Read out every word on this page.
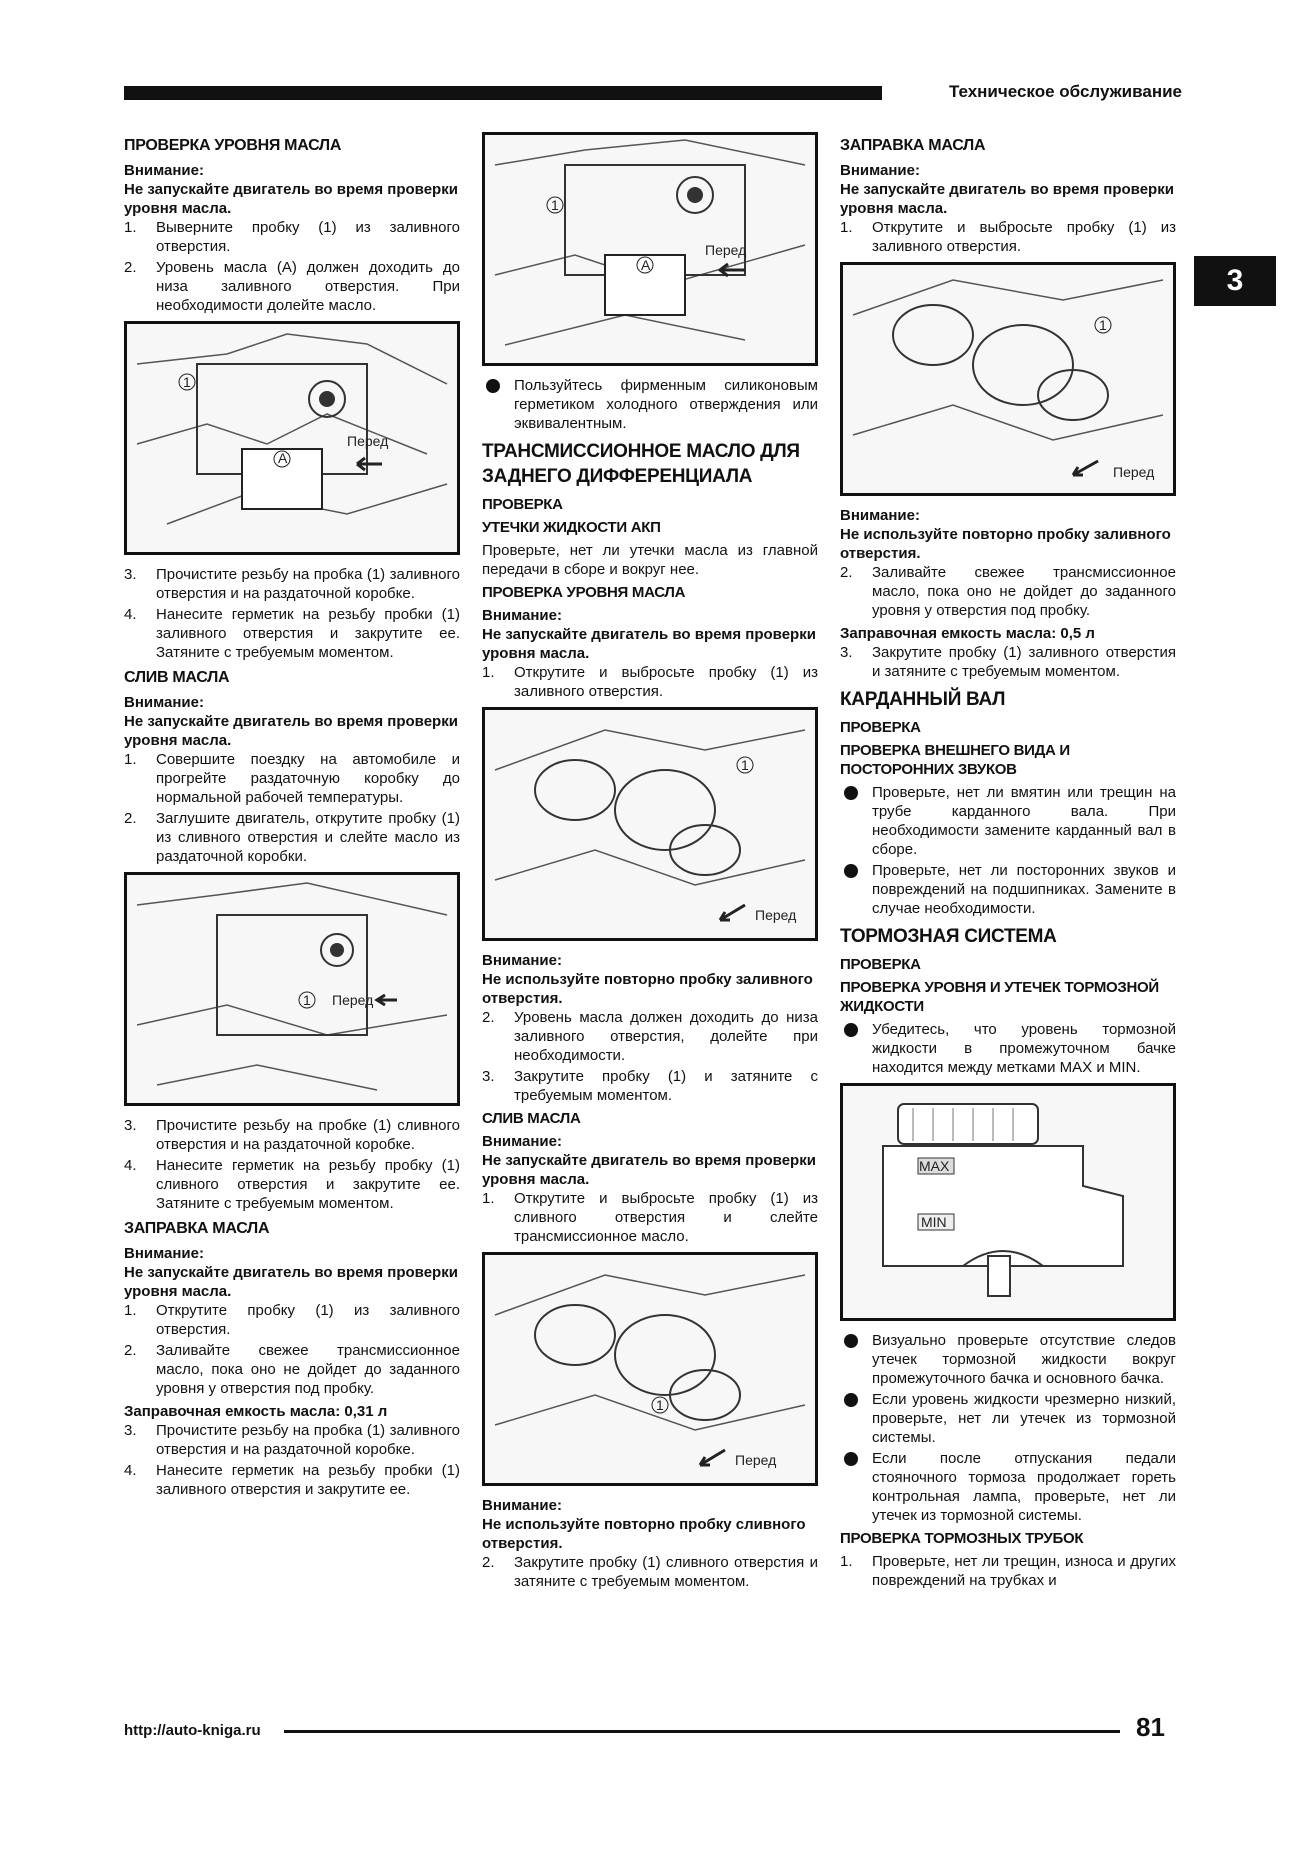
Техническое обслуживание
3
ПРОВЕРКА УРОВНЯ МАСЛА
Внимание:
Не запускайте двигатель во время проверки уровня масла.
1. Выверните пробку (1) из заливного отверстия.
2. Уровень масла (А) должен доходить до низа заливного отверстия. При необходимости долейте масло.
A
1
Перед
3. Прочистите резьбу на пробка (1) заливного отверстия и на раздаточной коробке.
4. Нанесите герметик на резьбу пробки (1) заливного отверстия и закрутите ее. Затяните с требуемым моментом.
СЛИВ МАСЛА
Внимание:
Не запускайте двигатель во время проверки уровня масла.
1. Совершите поездку на автомобиле и прогрейте раздаточную коробку до нормальной рабочей температуры.
2. Заглушите двигатель, открутите пробку (1) из сливного отверстия и слейте масло из раздаточной коробки.
1 Перед
3. Прочистите резьбу на пробке (1) сливного отверстия и на раздаточной коробке.
4. Нанесите герметик на резьбу пробку (1) сливного отверстия и закрутите ее. Затяните с требуемым моментом.
ЗАПРАВКА МАСЛА
Внимание:
Не запускайте двигатель во время проверки уровня масла.
1. Открутите пробку (1) из заливного отверстия.
2. Заливайте свежее трансмиссионное масло, пока оно не дойдет до заданного уровня у отверстия под пробку.
Заправочная емкость масла: 0,31 л
3. Прочистите резьбу на пробка (1) заливного отверстия и на раздаточной коробке.
4. Нанесите герметик на резьбу пробки (1) заливного отверстия и закрутите ее.
A
1
Перед
Пользуйтесь фирменным силиконовым герметиком холодного отверждения или эквивалентным.
ТРАНСМИССИОННОЕ МАСЛО ДЛЯ ЗАДНЕГО ДИФФЕРЕНЦИАЛА
ПРОВЕРКА
УТЕЧКИ ЖИДКОСТИ АКП
Проверьте, нет ли утечки масла из главной передачи в сборе и вокруг нее.
ПРОВЕРКА УРОВНЯ МАСЛА
Внимание:
Не запускайте двигатель во время проверки уровня масла.
1. Открутите и выбросьте пробку (1) из заливного отверстия.
1
Перед
Внимание:
Не используйте повторно пробку заливного отверстия.
2. Уровень масла должен доходить до низа заливного отверстия, долейте при необходимости.
3. Закрутите пробку (1) и затяните с требуемым моментом.
СЛИВ МАСЛА
Внимание:
Не запускайте двигатель во время проверки уровня масла.
1. Открутите и выбросьте пробку (1) из сливного отверстия и слейте трансмиссионное масло.
1
Перед
Внимание:
Не используйте повторно пробку сливного отверстия.
2. Закрутите пробку (1) сливного отверстия и затяните с требуемым моментом.
ЗАПРАВКА МАСЛА
Внимание:
Не запускайте двигатель во время проверки уровня масла.
1. Открутите и выбросьте пробку (1) из заливного отверстия.
1
Перед
Внимание:
Не используйте повторно пробку заливного отверстия.
2. Заливайте свежее трансмиссионное масло, пока оно не дойдет до заданного уровня у отверстия под пробку.
Заправочная емкость масла: 0,5 л
3. Закрутите пробку (1) заливного отверстия и затяните с требуемым моментом.
КАРДАННЫЙ ВАЛ
ПРОВЕРКА
ПРОВЕРКА ВНЕШНЕГО ВИДА И ПОСТОРОННИХ ЗВУКОВ
Проверьте, нет ли вмятин или трещин на трубе карданного вала. При необходимости замените карданный вал в сборе.
Проверьте, нет ли посторонних звуков и повреждений на подшипниках. Замените в случае необходимости.
ТОРМОЗНАЯ СИСТЕМА
ПРОВЕРКА
ПРОВЕРКА УРОВНЯ И УТЕЧЕК ТОРМОЗНОЙ ЖИДКОСТИ
Убедитесь, что уровень тормозной жидкости в промежуточном бачке находится между метками MAX и MIN.
MAX
MIN
Визуально проверьте отсутствие следов утечек тормозной жидкости вокруг промежуточного бачка и основного бачка.
Если уровень жидкости чрезмерно низкий, проверьте, нет ли утечек из тормозной системы.
Если после отпускания педали стояночного тормоза продолжает гореть контрольная лампа, проверьте, нет ли утечек из тормозной системы.
ПРОВЕРКА ТОРМОЗНЫХ ТРУБОК
1. Проверьте, нет ли трещин, износа и других повреждений на трубках и
http://auto-kniga.ru	81
